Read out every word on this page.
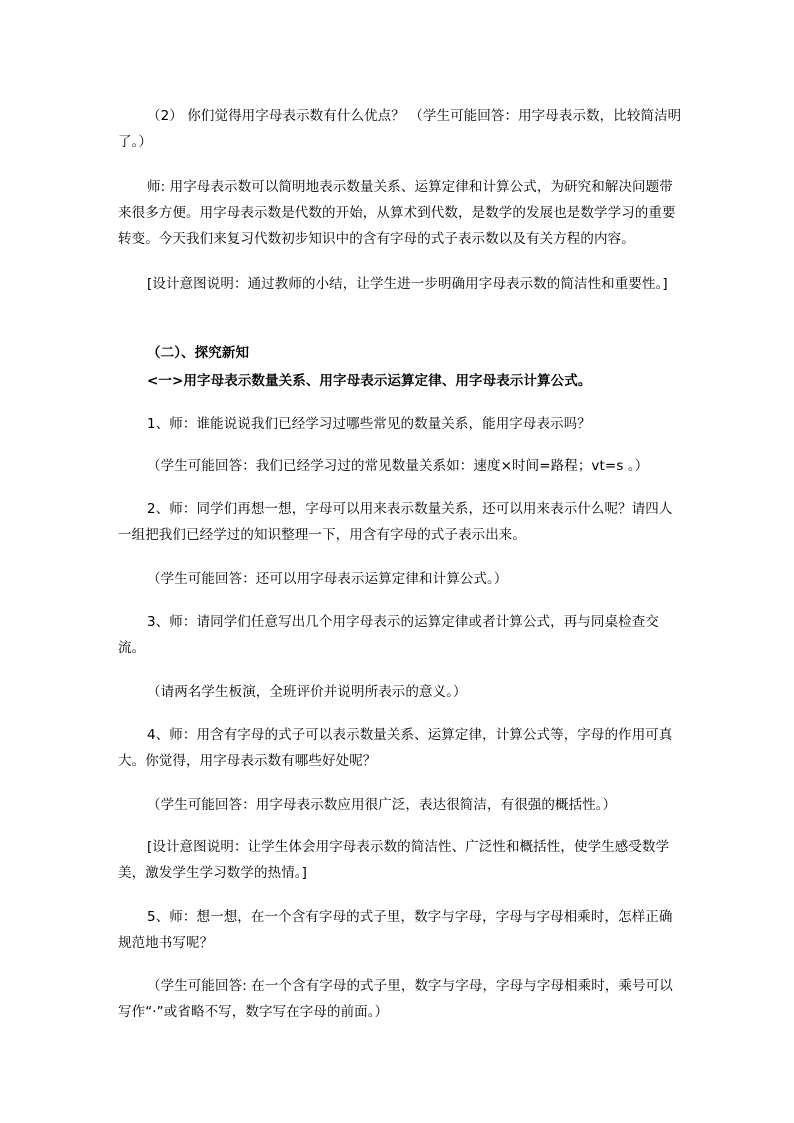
（2） 你们觉得用字母表示数有什么优点？ （学生可能回答：用字母表示数，比较简洁明了。）
师: 用字母表示数可以简明地表示数量关系、运算定律和计算公式，为研究和解决问题带来很多方便。用字母表示数是代数的开始，从算术到代数，是数学的发展也是数学学习的重要转变。今天我们来复习代数初步知识中的含有字母的式子表示数以及有关方程的内容。
[设计意图说明：通过教师的小结，让学生进一步明确用字母表示数的简洁性和重要性。]
（二）、探究新知
<一>用字母表示数量关系、用字母表示运算定律、用字母表示计算公式。
1、师：谁能说说我们已经学习过哪些常见的数量关系，能用字母表示吗？
（学生可能回答：我们已经学习过的常见数量关系如：速度×时间=路程；vt=s 。）
2、师：同学们再想一想，字母可以用来表示数量关系，还可以用来表示什么呢？请四人一组把我们已经学过的知识整理一下，用含有字母的式子表示出来。
（学生可能回答：还可以用字母表示运算定律和计算公式。）
3、师：请同学们任意写出几个用字母表示的运算定律或者计算公式，再与同桌检查交流。
（请两名学生板演，全班评价并说明所表示的意义。）
4、师：用含有字母的式子可以表示数量关系、运算定律，计算公式等，字母的作用可真大。你觉得，用字母表示数有哪些好处呢？
（学生可能回答：用字母表示数应用很广泛，表达很简洁，有很强的概括性。）
[设计意图说明：让学生体会用字母表示数的简洁性、广泛性和概括性，使学生感受数学美，激发学生学习数学的热情。]
5、师：想一想，在一个含有字母的式子里，数字与字母，字母与字母相乘时，怎样正确规范地书写呢？
（学生可能回答: 在一个含有字母的式子里，数字与字母，字母与字母相乘时，乘号可以写作“·”或省略不写，数字写在字母的前面。）
